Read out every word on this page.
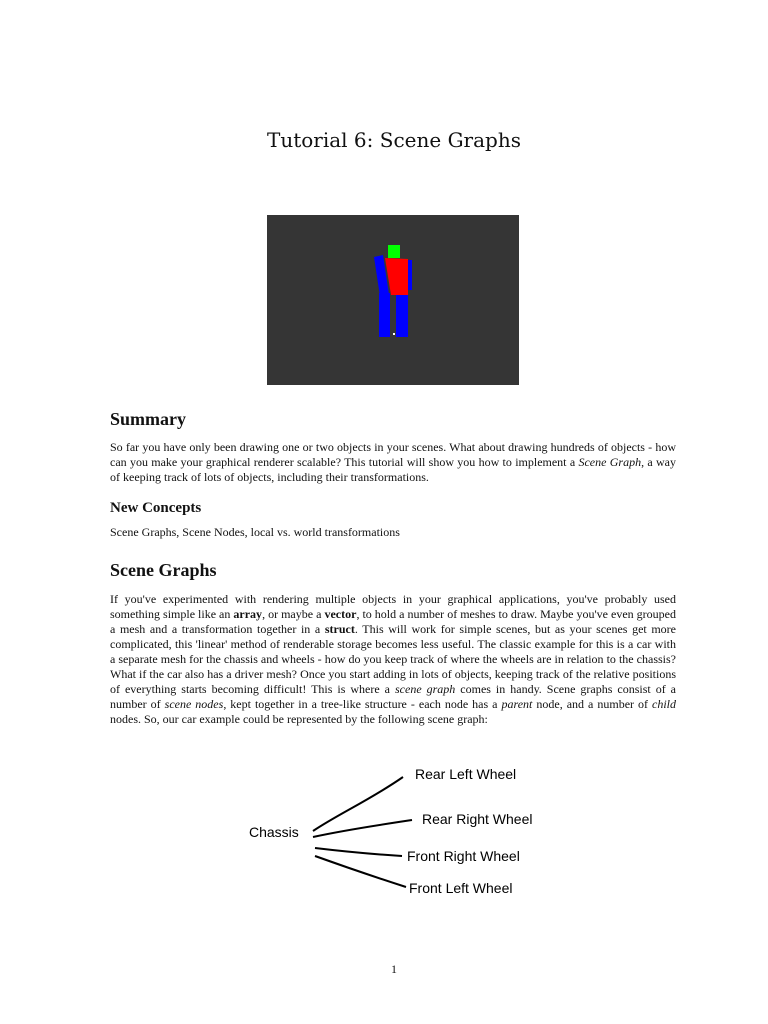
Tutorial 6: Scene Graphs
Summary

So far you have only been drawing one or two objects in your scenes. What about drawing hundreds of objects - how can you make your graphical renderer scalable? This tutorial will show you how to implement a Scene Graph, a way of keeping track of lots of objects, including their transformations.

New Concepts

Scene Graphs, Scene Nodes, local vs. world transformations

Scene Graphs

If you've experimented with rendering multiple objects in your graphical applications, you've probably used something simple like an array, or maybe a vector, to hold a number of meshes to draw. Maybe you've even grouped a mesh and a transformation together in a struct. This will work for simple scenes, but as your scenes get more complicated, this 'linear' method of renderable storage becomes less useful. The classic example for this is a car with a separate mesh for the chassis and wheels - how do you keep track of where the wheels are in relation to the chassis? What if the car also has a driver mesh? Once you start adding in lots of objects, keeping track of the relative positions of everything starts becoming difficult! This is where a scene graph comes in handy. Scene graphs consist of a number of scene nodes, kept together in a tree-like structure - each node has a parent node, and a number of child nodes. So, our car example could be represented by the following scene graph:

Chassis
Rear Left Wheel
Rear Right Wheel
Front Right Wheel
Front Left Wheel
1
